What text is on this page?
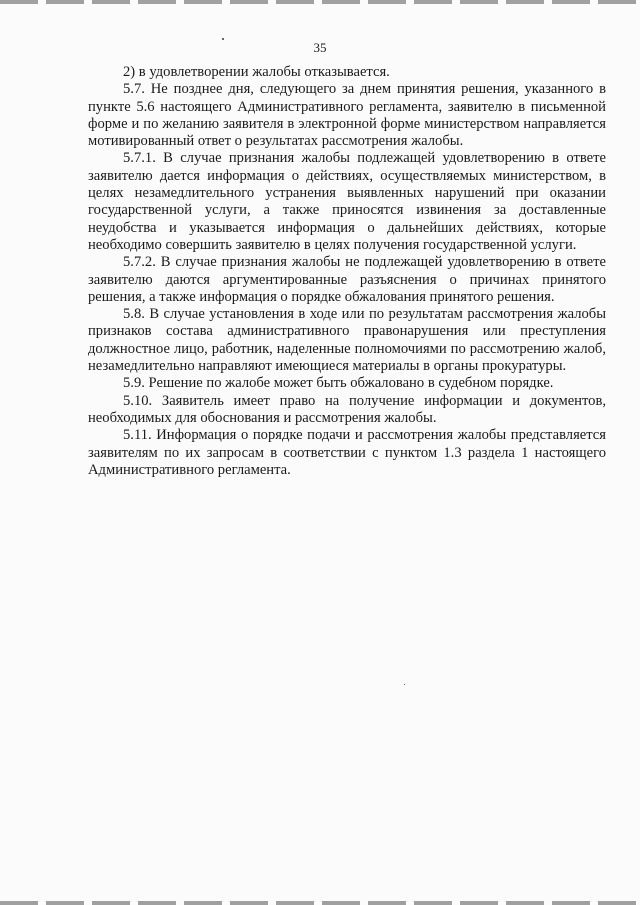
35

2) в удовлетворении жалобы отказывается.

5.7. Не позднее дня, следующего за днем принятия решения, указанного в пункте 5.6 настоящего Административного регламента, заявителю в письменной форме и по желанию заявителя в электронной форме министерством направляется мотивированный ответ о результатах рассмотрения жалобы.

5.7.1. В случае признания жалобы подлежащей удовлетворению в ответе заявителю дается информация о действиях, осуществляемых министерством, в целях незамедлительного устранения выявленных нарушений при оказании государственной услуги, а также приносятся извинения за доставленные неудобства и указывается информация о дальнейших действиях, которые необходимо совершить заявителю в целях получения государственной услуги.

5.7.2. В случае признания жалобы не подлежащей удовлетворению в ответе заявителю даются аргументированные разъяснения о причинах принятого решения, а также информация о порядке обжалования принятого решения.

5.8. В случае установления в ходе или по результатам рассмотрения жалобы признаков состава административного правонарушения или преступления должностное лицо, работник, наделенные полномочиями по рассмотрению жалоб, незамедлительно направляют имеющиеся материалы в органы прокуратуры.

5.9. Решение по жалобе может быть обжаловано в судебном порядке.

5.10. Заявитель имеет право на получение информации и документов, необходимых для обоснования и рассмотрения жалобы.

5.11. Информация о порядке подачи и рассмотрения жалобы представляется заявителям по их запросам в соответствии с пунктом 1.3 раздела 1 настоящего Административного регламента.
